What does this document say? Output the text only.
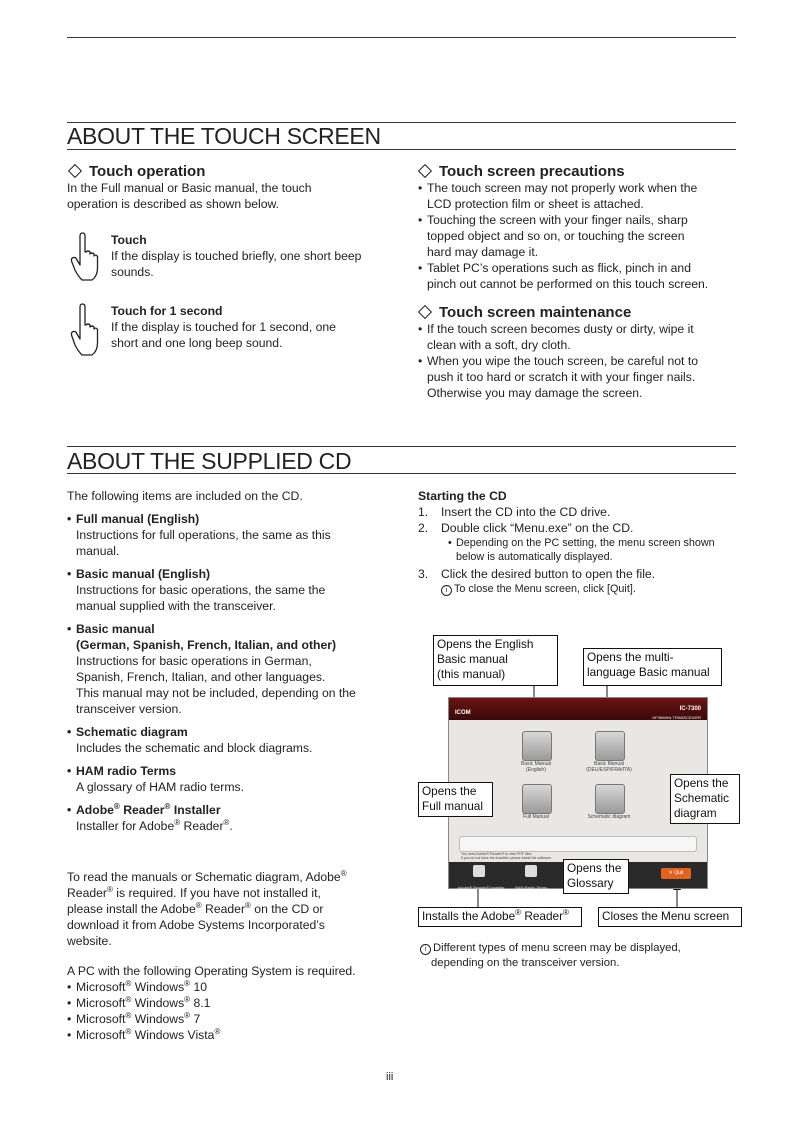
ABOUT THE TOUCH SCREEN
Touch operation
In the Full manual or Basic manual, the touch
operation is described as shown below.
Touch
If the display is touched briefly, one short beep
sounds.
Touch for 1 second
If the display is touched for 1 second, one
short and one long beep sound.
Touch screen precautions
• The touch screen may not properly work when the
LCD protection film or sheet is attached.
• Touching the screen with your finger nails, sharp
topped object and so on, or touching the screen
hard may damage it.
• Tablet PC’s operations such as flick, pinch in and
pinch out cannot be performed on this touch screen.
Touch screen maintenance
• If the touch screen becomes dusty or dirty, wipe it
clean with a soft, dry cloth.
• When you wipe the touch screen, be careful not to
push it too hard or scratch it with your finger nails.
Otherwise you may damage the screen.
ABOUT THE SUPPLIED CD
The following items are included on the CD.
• Full manual (English)
Instructions for full operations, the same as this
manual.
• Basic manual (English)
Instructions for basic operations, the same the
manual supplied with the transceiver.
• Basic manual
(German, Spanish, French, Italian, and other)
Instructions for basic operations in German,
Spanish, French, Italian, and other languages.
This manual may not be included, depending on the
transceiver version.
• Schematic diagram
Includes the schematic and block diagrams.
• HAM radio Terms
A glossary of HAM radio terms.
• Adobe® Reader® Installer
Installer for Adobe® Reader®.
To read the manuals or Schematic diagram, Adobe®
Reader® is required. If you have not installed it,
please install the Adobe® Reader® on the CD or
download it from Adobe Systems Incorporated’s
website.
A PC with the following Operating System is required.
• Microsoft® Windows® 10
• Microsoft® Windows® 8.1
• Microsoft® Windows® 7
• Microsoft® Windows Vista®
Starting the CD
1. Insert the CD into the CD drive.
2. Double click “Menu.exe” on the CD.
• Depending on the PC setting, the menu screen shown
below is automatically displayed.
3. Click the desired button to open the file.
i To close the Menu screen, click [Quit].
ICOM
IC-7300
HF/50MHz TRANSCEIVER
Basic Manual
(English)
Basic Manual
(DEU/ESP/FRA/ITA)
Full Manual	Schematic diagram
You need Adobe® Reader® to view PDF files.
If you do not have the installed, please install the software.
Adobe® Reader® Installer	HAM Radio Terms
✕ Quit
Opens the English
Basic manual
(this manual)
Opens the multi-
language Basic manual
Opens the
Full manual
Opens the
Schematic
diagram
Opens the
Glossary
Installs the Adobe® Reader®	Closes the Menu screen
i Different types of menu screen may be displayed,
depending on the transceiver version.
iii
